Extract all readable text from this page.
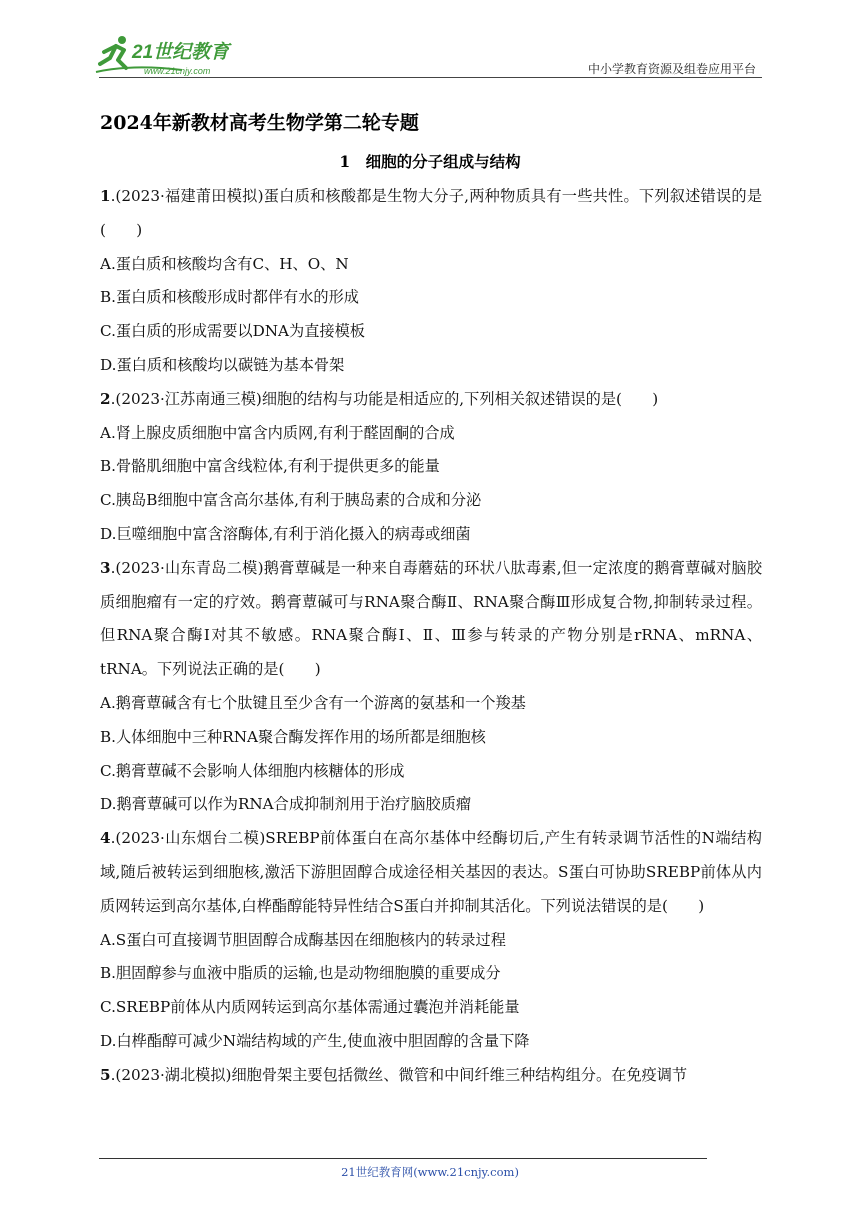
21世纪教育
www.21cnjy.com	中小学教育资源及组卷应用平台
2024年新教材高考生物学第二轮专题
1　细胞的分子组成与结构

1.(2023·福建莆田模拟)蛋白质和核酸都是生物大分子,两种物质具有一些共性。下列叙述错误的是(　　)

A.蛋白质和核酸均含有C、H、O、N

B.蛋白质和核酸形成时都伴有水的形成

C.蛋白质的形成需要以DNA为直接模板

D.蛋白质和核酸均以碳链为基本骨架

2.(2023·江苏南通三模)细胞的结构与功能是相适应的,下列相关叙述错误的是(　　)

A.肾上腺皮质细胞中富含内质网,有利于醛固酮的合成

B.骨骼肌细胞中富含线粒体,有利于提供更多的能量

C.胰岛B细胞中富含高尔基体,有利于胰岛素的合成和分泌

D.巨噬细胞中富含溶酶体,有利于消化摄入的病毒或细菌

3.(2023·山东青岛二模)鹅膏蕈碱是一种来自毒蘑菇的环状八肽毒素,但一定浓度的鹅膏蕈碱对脑胶质细胞瘤有一定的疗效。鹅膏蕈碱可与RNA聚合酶Ⅱ、RNA聚合酶Ⅲ形成复合物,抑制转录过程。但RNA聚合酶Ⅰ对其不敏感。RNA聚合酶Ⅰ、Ⅱ、Ⅲ参与转录的产物分别是rRNA、mRNA、tRNA。下列说法正确的是(　　)

A.鹅膏蕈碱含有七个肽键且至少含有一个游离的氨基和一个羧基

B.人体细胞中三种RNA聚合酶发挥作用的场所都是细胞核

C.鹅膏蕈碱不会影响人体细胞内核糖体的形成

D.鹅膏蕈碱可以作为RNA合成抑制剂用于治疗脑胶质瘤

4.(2023·山东烟台二模)SREBP前体蛋白在高尔基体中经酶切后,产生有转录调节活性的N端结构域,随后被转运到细胞核,激活下游胆固醇合成途径相关基因的表达。S蛋白可协助SREBP前体从内质网转运到高尔基体,白桦酯醇能特异性结合S蛋白并抑制其活化。下列说法错误的是(　　)

A.S蛋白可直接调节胆固醇合成酶基因在细胞核内的转录过程

B.胆固醇参与血液中脂质的运输,也是动物细胞膜的重要成分

C.SREBP前体从内质网转运到高尔基体需通过囊泡并消耗能量

D.白桦酯醇可减少N端结构域的产生,使血液中胆固醇的含量下降

5.(2023·湖北模拟)细胞骨架主要包括微丝、微管和中间纤维三种结构组分。在免疫调节

21世纪教育网(www.21cnjy.com)
